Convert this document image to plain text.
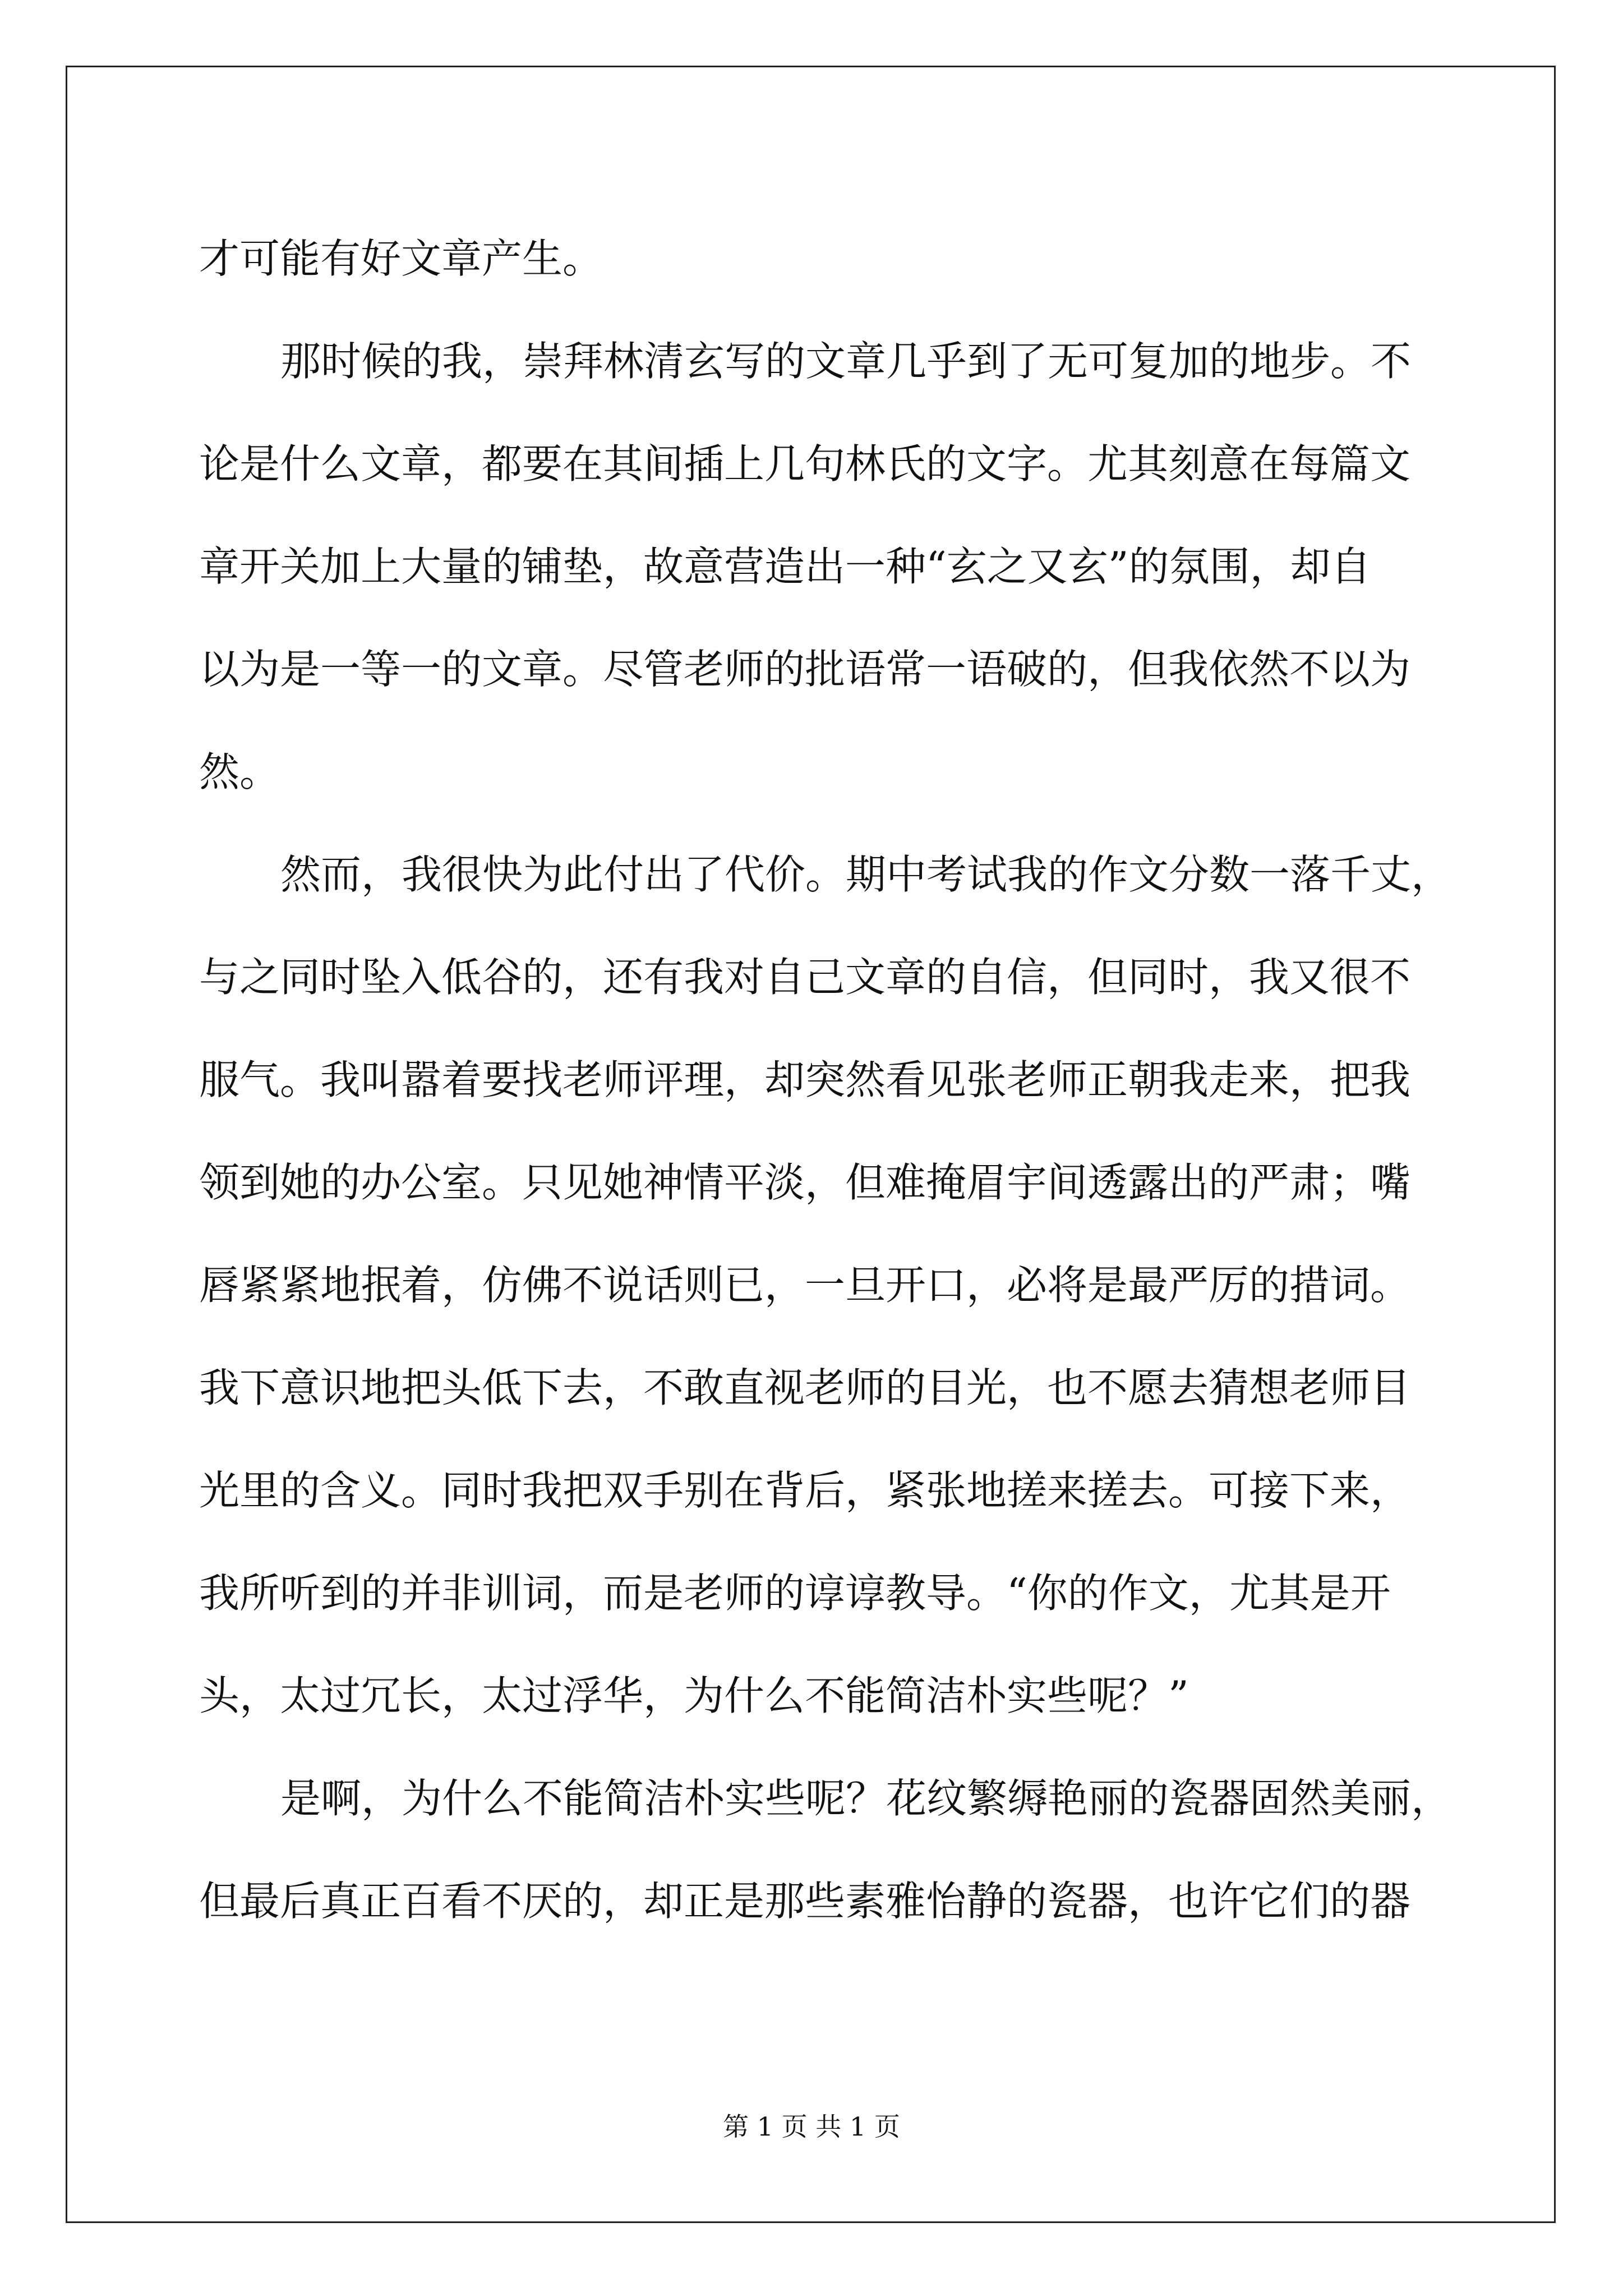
才可能有好文章产生。

那时候的我，崇拜林清玄写的文章几乎到了无可复加的地步。不

论是什么文章，都要在其间插上几句林氏的文字。尤其刻意在每篇文

章开关加上大量的铺垫，故意营造出一种“玄之又玄”的氛围，却自

以为是一等一的文章。尽管老师的批语常一语破的，但我依然不以为

然。

然而，我很快为此付出了代价。期中考试我的作文分数一落千丈，

与之同时坠入低谷的，还有我对自己文章的自信，但同时，我又很不

服气。我叫嚣着要找老师评理，却突然看见张老师正朝我走来，把我

领到她的办公室。只见她神情平淡，但难掩眉宇间透露出的严肃；嘴

唇紧紧地抿着，仿佛不说话则已，一旦开口，必将是最严厉的措词。

我下意识地把头低下去，不敢直视老师的目光，也不愿去猜想老师目

光里的含义。同时我把双手别在背后，紧张地搓来搓去。可接下来，

我所听到的并非训词，而是老师的谆谆教导。“你的作文，尤其是开

头，太过冗长，太过浮华，为什么不能简洁朴实些呢？”

是啊，为什么不能简洁朴实些呢？花纹繁缛艳丽的瓷器固然美丽，

但最后真正百看不厌的，却正是那些素雅怡静的瓷器，也许它们的器

第 1 页 共 1 页
